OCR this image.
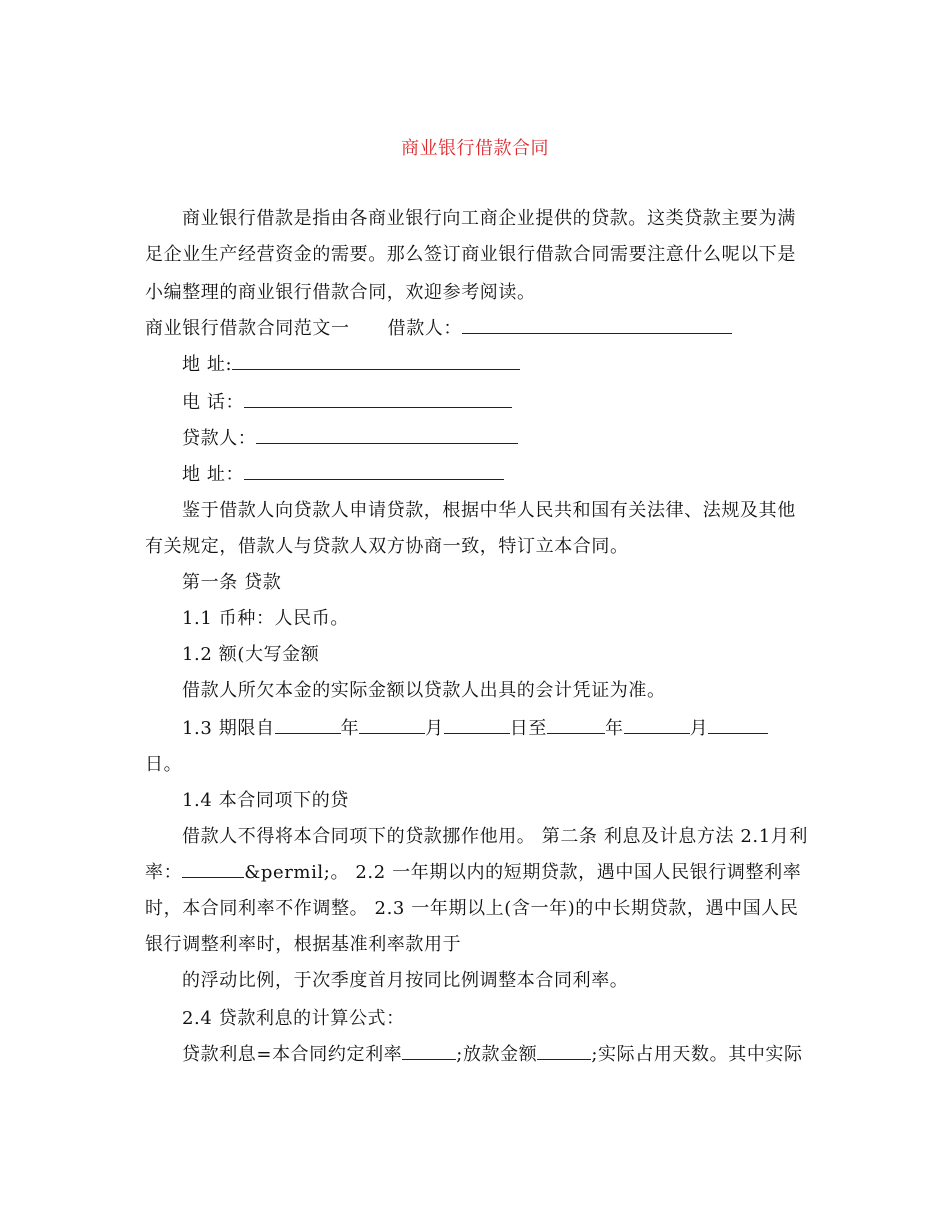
商业银行借款合同
商业银行借款是指由各商业银行向工商企业提供的贷款。这类贷款主要为满
足企业生产经营资金的需要。那么签订商业银行借款合同需要注意什么呢以下是
小编整理的商业银行借款合同，欢迎参考阅读。
商业银行借款合同范文一 借款人：
地 址:
电 话：
贷款人：
地 址：
鉴于借款人向贷款人申请贷款，根据中华人民共和国有关法律、法规及其他
有关规定，借款人与贷款人双方协商一致，特订立本合同。
第一条 贷款
1.1 币种：人民币。
1.2 额(大写金额
借款人所欠本金的实际金额以贷款人出具的会计凭证为准。
1.3 期限自	年	月	日至	年	月
日。
1.4 本合同项下的贷
借款人不得将本合同项下的贷款挪作他用。 第二条 利息及计息方法 2.1月利
率：	&permil;。 2.2 一年期以内的短期贷款，遇中国人民银行调整利率
时，本合同利率不作调整。 2.3 一年期以上(含一年)的中长期贷款，遇中国人民
银行调整利率时，根据基准利率款用于
的浮动比例，于次季度首月按同比例调整本合同利率。
2.4 贷款利息的计算公式：
贷款利息=本合同约定利率	;放款金额	;实际占用天数。其中实际
